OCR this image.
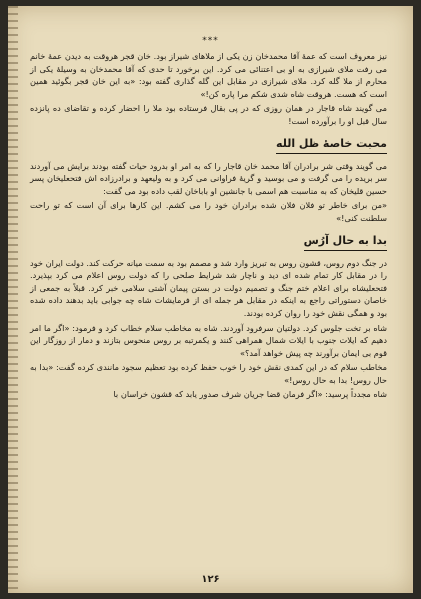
***

نیز معروف است که عمهٔ آقا محمدخان زن یکی از ملاهای شیراز بود. خان قجر هروقت به دیدن عمهٔ خانم می رفت ملای شیرازی به او بی اعتنائی می کرد. این برخورد تا حدی که آقا محمدخان به وسیلهٔ یکی از محارم از ملا گله کرد. ملای شیرازی در مقابل این گله گذاری گفته بود: «به این خان قجر بگوئید همین است که هست. هروقت شاه شدی شکم مرا پاره کن!»

می گویند شاه قاجار در همان روزی که در پی بقال فرستاده بود ملا را احضار کرده و تقاضای ده پانزده سال قبل او را برآورده است!

محبت خاصهٔ ظل الله

می گویند وقتی شر برادران آقا محمد خان قاجار را که به امر او بدرود حیات گفته بودند برایش می آوردند سر بریده را می گرفت و می بوسید و گریهٔ فراوانی می کرد و به ولیعهد و برادرزاده اش فتحعلیخان پسر حسین قلیخان که به مناسبت هم اسمی با جانشین او باباخان لقب داده بود می گفت:

«من برای خاطر تو فلان فلان شده برادران خود را می کشم. این کارها برای آن است که تو راحت سلطنت کنی!»

بدا به حال آرُس

در جنگ دوم روس، قشون روس به تبریز وارد شد و مصمم بود به سمت میانه حرکت کند. دولت ایران خود را در مقابل کار تمام شده ای دید و ناچار شد شرایط صلحی را که دولت روس اعلام می کرد بپذیرد. فتحعلیشاه برای اعلام ختم جنگ و تصمیم دولت در بستن پیمان آشتی سلامی خبر کرد. قبلاً به جمعی از خاصان دستوراتی راجع به اینکه در مقابل هر جمله ای از فرمایشات شاه چه جوابی باید بدهند داده شده بود و همگی نقش خود را روان کرده بودند.

شاه بر تخت جلوس کرد. دولتیان سرفرود آوردند. شاه به مخاطب سلام خطاب کرد و فرمود: «اگر ما امر دهیم که ایلات جنوب با ایلات شمال همراهی کنند و یکمرتبه بر روس منحوس بتازند و دمار از روزگار این قوم بی ایمان برآورند چه پیش خواهد آمد؟»

مخاطب سلام که در این کمدی نقش خود را خوب حفظ کرده بود تعظیم سجود مانندی کرده گفت: «بدا به حال روس! بدا به حال روس!»

شاه مجدداً پرسید: «اگر فرمان قضا جریان شرف صدور یابد که قشون خراسان با

۱۲۶
